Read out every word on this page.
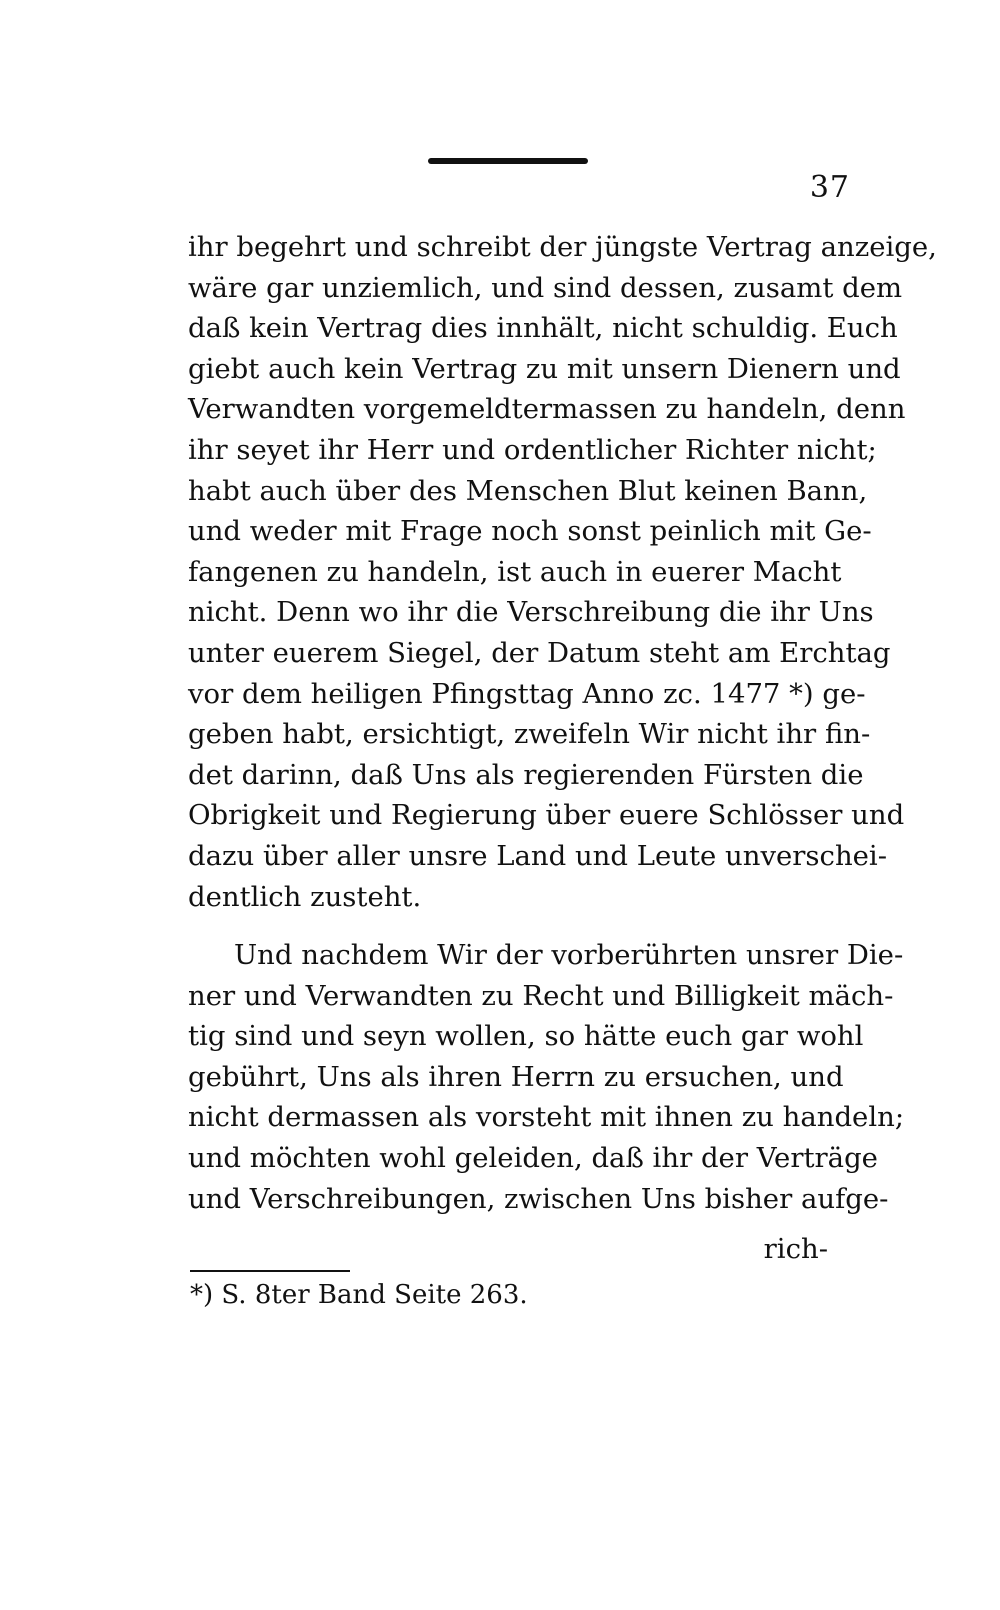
37
ihr begehrt und schreibt der jüngste Vertrag anzeige,
wäre gar unziemlich, und sind dessen, zusamt dem
daß kein Vertrag dies innhält, nicht schuldig. Euch
giebt auch kein Vertrag zu mit unsern Dienern und
Verwandten vorgemeldtermassen zu handeln, denn
ihr seyet ihr Herr und ordentlicher Richter nicht;
habt auch über des Menschen Blut keinen Bann,
und weder mit Frage noch sonst peinlich mit Ge-
fangenen zu handeln, ist auch in euerer Macht
nicht. Denn wo ihr die Verschreibung die ihr Uns
unter euerem Siegel, der Datum steht am Erchtag
vor dem heiligen Pfingsttag Anno zc. 1477 *) ge-
geben habt, ersichtigt, zweifeln Wir nicht ihr fin-
det darinn, daß Uns als regierenden Fürsten die
Obrigkeit und Regierung über euere Schlösser und
dazu über aller unsre Land und Leute unverschei-
dentlich zusteht.
Und nachdem Wir der vorberührten unsrer Die-
ner und Verwandten zu Recht und Billigkeit mäch-
tig sind und seyn wollen, so hätte euch gar wohl
gebührt, Uns als ihren Herrn zu ersuchen, und
nicht dermassen als vorsteht mit ihnen zu handeln;
und möchten wohl geleiden, daß ihr der Verträge
und Verschreibungen, zwischen Uns bisher aufge-
rich-
*) S. 8ter Band Seite 263.
